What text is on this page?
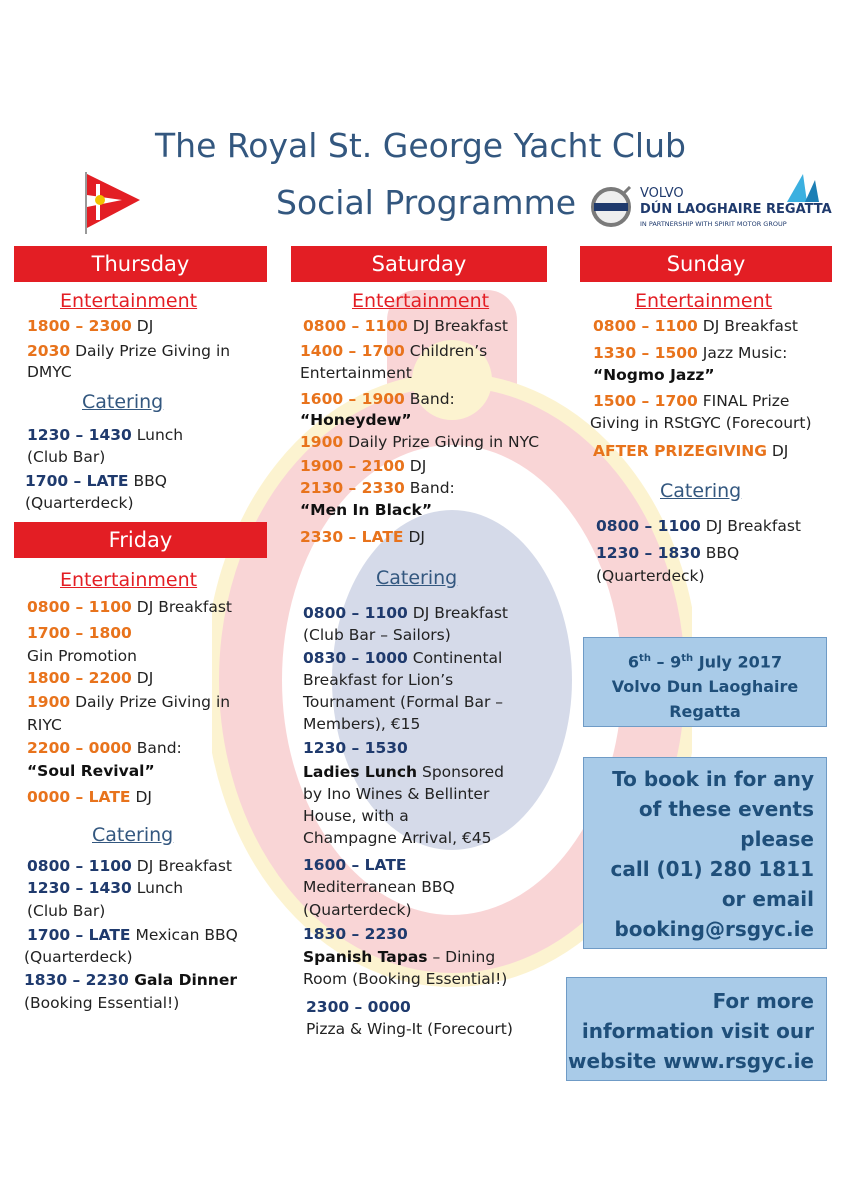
The Royal St. George Yacht Club
Social Programme	VOLVO
DÚN LAOGHAIRE REGATTA
IN PARTNERSHIP WITH SPIRIT MOTOR GROUP
Thursday
Entertainment
1800 – 2300 DJ
2030 Daily Prize Giving in
DMYC
Catering
1230 – 1430 Lunch
(Club Bar)
1700 – LATE BBQ
(Quarterdeck)
Friday
Entertainment
0800 – 1100 DJ Breakfast
1700 – 1800
Gin Promotion
1800 – 2200 DJ
1900 Daily Prize Giving in
RIYC
2200 – 0000 Band:
“Soul Revival”
0000 – LATE DJ
Catering
0800 – 1100 DJ Breakfast
1230 – 1430 Lunch
(Club Bar)
1700 – LATE Mexican BBQ
(Quarterdeck)
1830 – 2230 Gala Dinner
(Booking Essential!)
Saturday
Entertainment
0800 – 1100 DJ Breakfast
1400 – 1700 Children’s
Entertainment
1600 – 1900 Band:
“Honeydew”
1900 Daily Prize Giving in NYC
1900 – 2100 DJ
2130 – 2330 Band:
“Men In Black”
2330 – LATE DJ
Catering
0800 – 1100 DJ Breakfast
(Club Bar – Sailors)
0830 – 1000 Continental
Breakfast for Lion’s
Tournament (Formal Bar –
Members), €15
1230 – 1530
Ladies Lunch Sponsored
by Ino Wines & Bellinter
House, with a
Champagne Arrival, €45
1600 – LATE
Mediterranean BBQ
(Quarterdeck)
1830 – 2230
Spanish Tapas – Dining
Room (Booking Essential!)
2300 – 0000
Pizza & Wing-It (Forecourt)
Sunday
Entertainment
0800 – 1100 DJ Breakfast
1330 – 1500 Jazz Music:
“Nogmo Jazz”
1500 – 1700 FINAL Prize
Giving in RStGYC (Forecourt)
AFTER PRIZEGIVING DJ
Catering
0800 – 1100 DJ Breakfast
1230 – 1830 BBQ
(Quarterdeck)
6th – 9th July 2017
Volvo Dun Laoghaire
Regatta
To book in for any
of these events
please
call (01) 280 1811
or email
booking@rsgyc.ie
For more
information visit our
website www.rsgyc.ie
